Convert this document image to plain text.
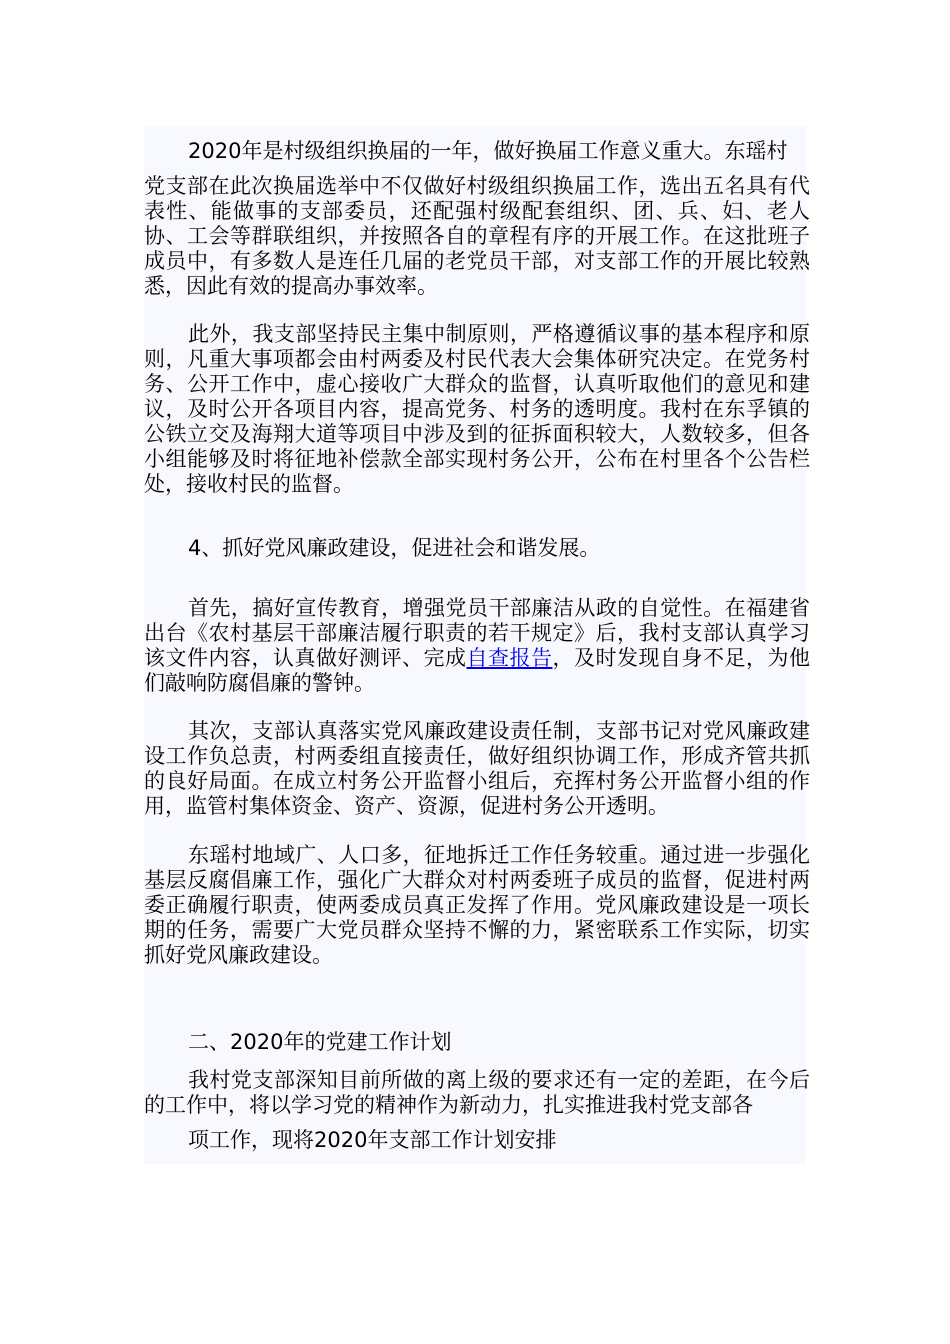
2020年是村级组织换届的一年，做好换届工作意义重大。东瑶村
党支部在此次换届选举中不仅做好村级组织换届工作，选出五名具有代表性、能做事的支部委员，还配强村级配套组织、团、兵、妇、老人协、工会等群联组织，并按照各自的章程有序的开展工作。在这批班子成员中，有多数人是连任几届的老党员干部，对支部工作的开展比较熟悉，因此有效的提高办事效率。

此外，我支部坚持民主集中制原则，严格遵循议事的基本程序和原则，凡重大事项都会由村两委及村民代表大会集体研究决定。在党务村务、公开工作中，虚心接收广大群众的监督，认真听取他们的意见和建议，及时公开各项目内容，提高党务、村务的透明度。我村在东孚镇的公铁立交及海翔大道等项目中涉及到的征拆面积较大，人数较多，但各小组能够及时将征地补偿款全部实现村务公开，公布在村里各个公告栏处，接收村民的监督。

4、抓好党风廉政建设，促进社会和谐发展。

首先，搞好宣传教育，增强党员干部廉洁从政的自觉性。在福建省出台《农村基层干部廉洁履行职责的若干规定》后，我村支部认真学习该文件内容，认真做好测评、完成自查报告，及时发现自身不足，为他们敲响防腐倡廉的警钟。

其次，支部认真落实党风廉政建设责任制，支部书记对党风廉政建设工作负总责，村两委组直接责任，做好组织协调工作，形成齐管共抓的良好局面。在成立村务公开监督小组后，充挥村务公开监督小组的作用，监管村集体资金、资产、资源，促进村务公开透明。

东瑶村地域广、人口多，征地拆迁工作任务较重。通过进一步强化基层反腐倡廉工作，强化广大群众对村两委班子成员的监督，促进村两委正确履行职责，使两委成员真正发挥了作用。党风廉政建设是一项长期的任务，需要广大党员群众坚持不懈的力，紧密联系工作实际，切实抓好党风廉政建设。

二、2020年的党建工作计划

我村党支部深知目前所做的离上级的要求还有一定的差距，在今后的工作中，将以学习党的精神作为新动力，扎实推进我村党支部各
项工作，现将2020年支部工作计划安排
